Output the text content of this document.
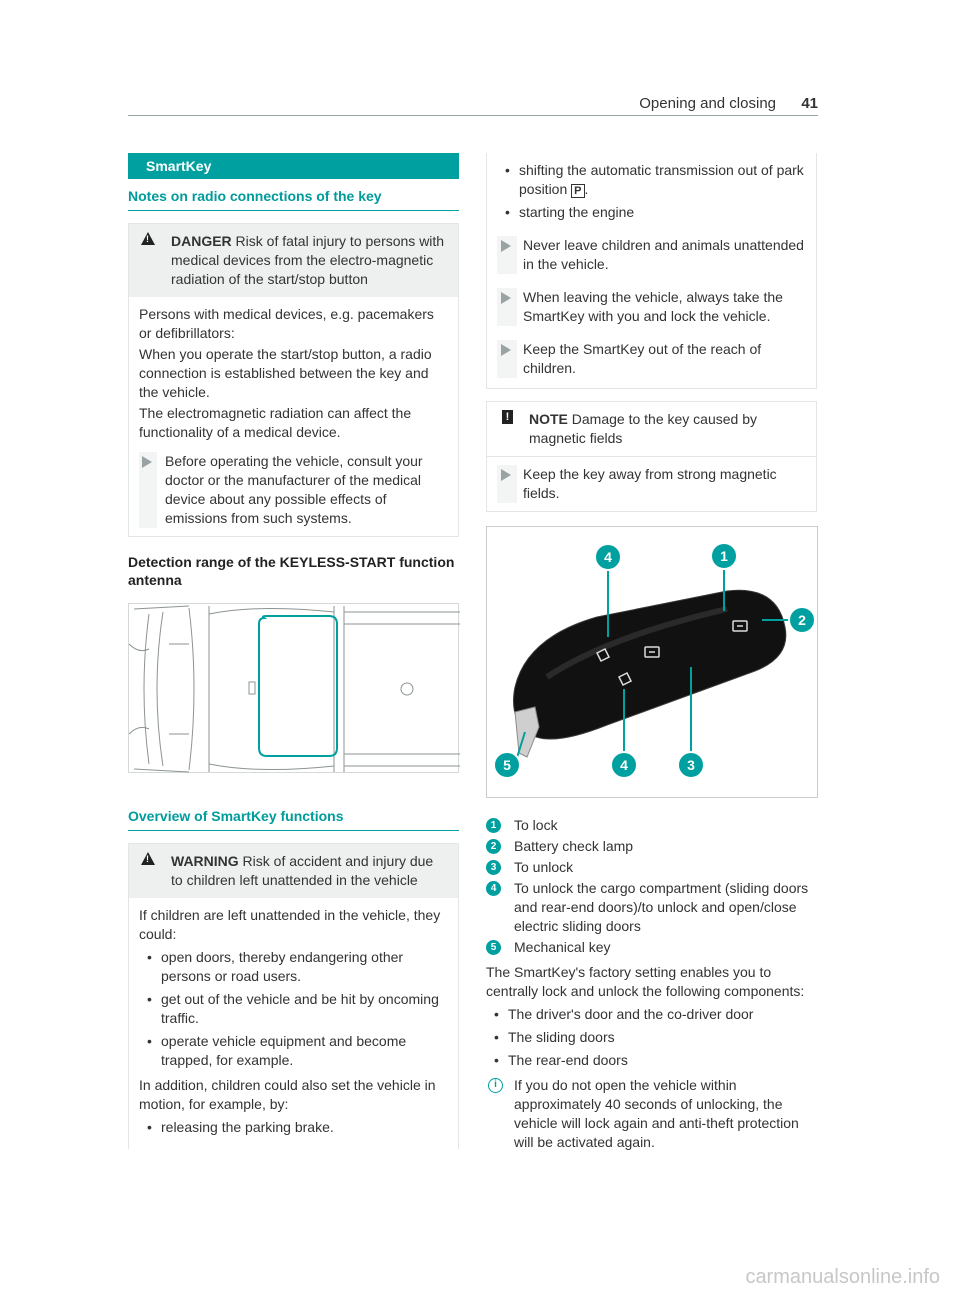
Opening and closing 41
SmartKey
Notes on radio connections of the key
!
DANGER Risk of fatal injury to persons with medical devices from the electro-magnetic radiation of the start/stop button

Persons with medical devices, e.g. pacemakers or defibrillators:

When you operate the start/stop button, a radio connection is established between the key and the vehicle.

The electromagnetic radiation can affect the functionality of a medical device.

Before operating the vehicle, consult your doctor or the manufacturer of the medical device about any possible effects of emissions from such systems.
Detection range of the KEYLESS-START function antenna
Overview of SmartKey functions
!
WARNING Risk of accident and injury due to children left unattended in the vehicle

If children are left unattended in the vehicle, they could:

• open doors, thereby endangering other persons or road users.
• get out of the vehicle and be hit by oncoming traffic.
• operate vehicle equipment and become trapped, for example.

In addition, children could also set the vehicle in motion, for example, by:

• releasing the parking brake.
• shifting the automatic transmission out of park position P .
• starting the engine
Never leave children and animals unattended in the vehicle.
When leaving the vehicle, always take the SmartKey with you and lock the vehicle.
Keep the SmartKey out of the reach of children.
! NOTE Damage to the key caused by magnetic fields
Keep the key away from strong magnetic fields.
4	1
2
5	4	3
1	To lock
2	Battery check lamp
3	To unlock
4	To unlock the cargo compartment (sliding doors and rear-end doors)/to unlock and open/close electric sliding doors
5	Mechanical key

The SmartKey's factory setting enables you to centrally lock and unlock the following components:

• The driver's door and the co-driver door
• The sliding doors
• The rear-end doors
i	If you do not open the vehicle within approximately 40 seconds of unlocking, the vehicle will lock again and anti-theft protection will be activated again.
carmanualsonline.info
